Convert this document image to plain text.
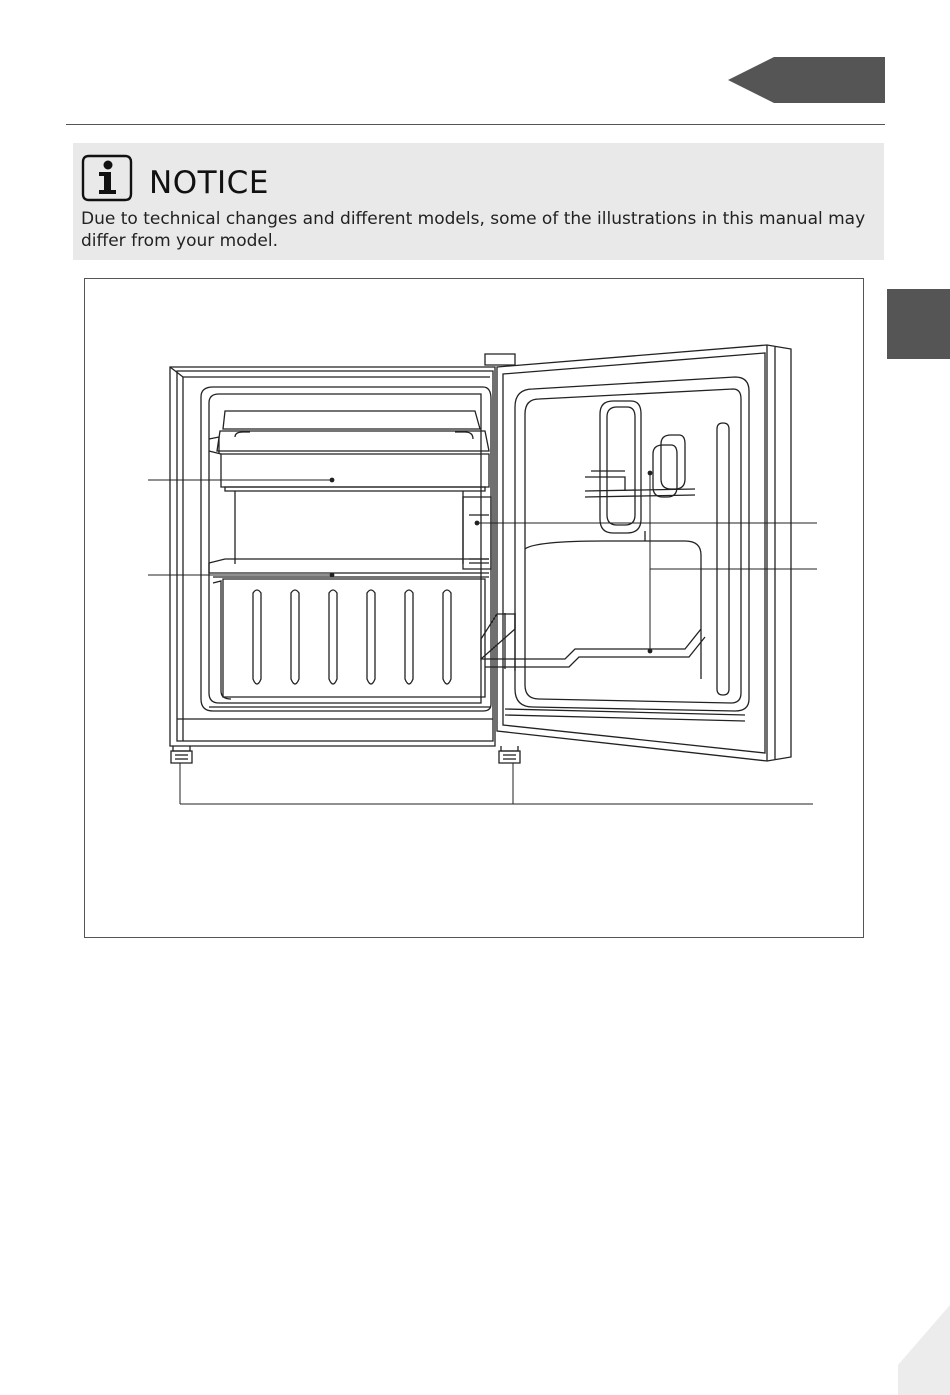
NOTICE
Due to technical changes and different models, some of the illustrations in this manual may differ from your model.
